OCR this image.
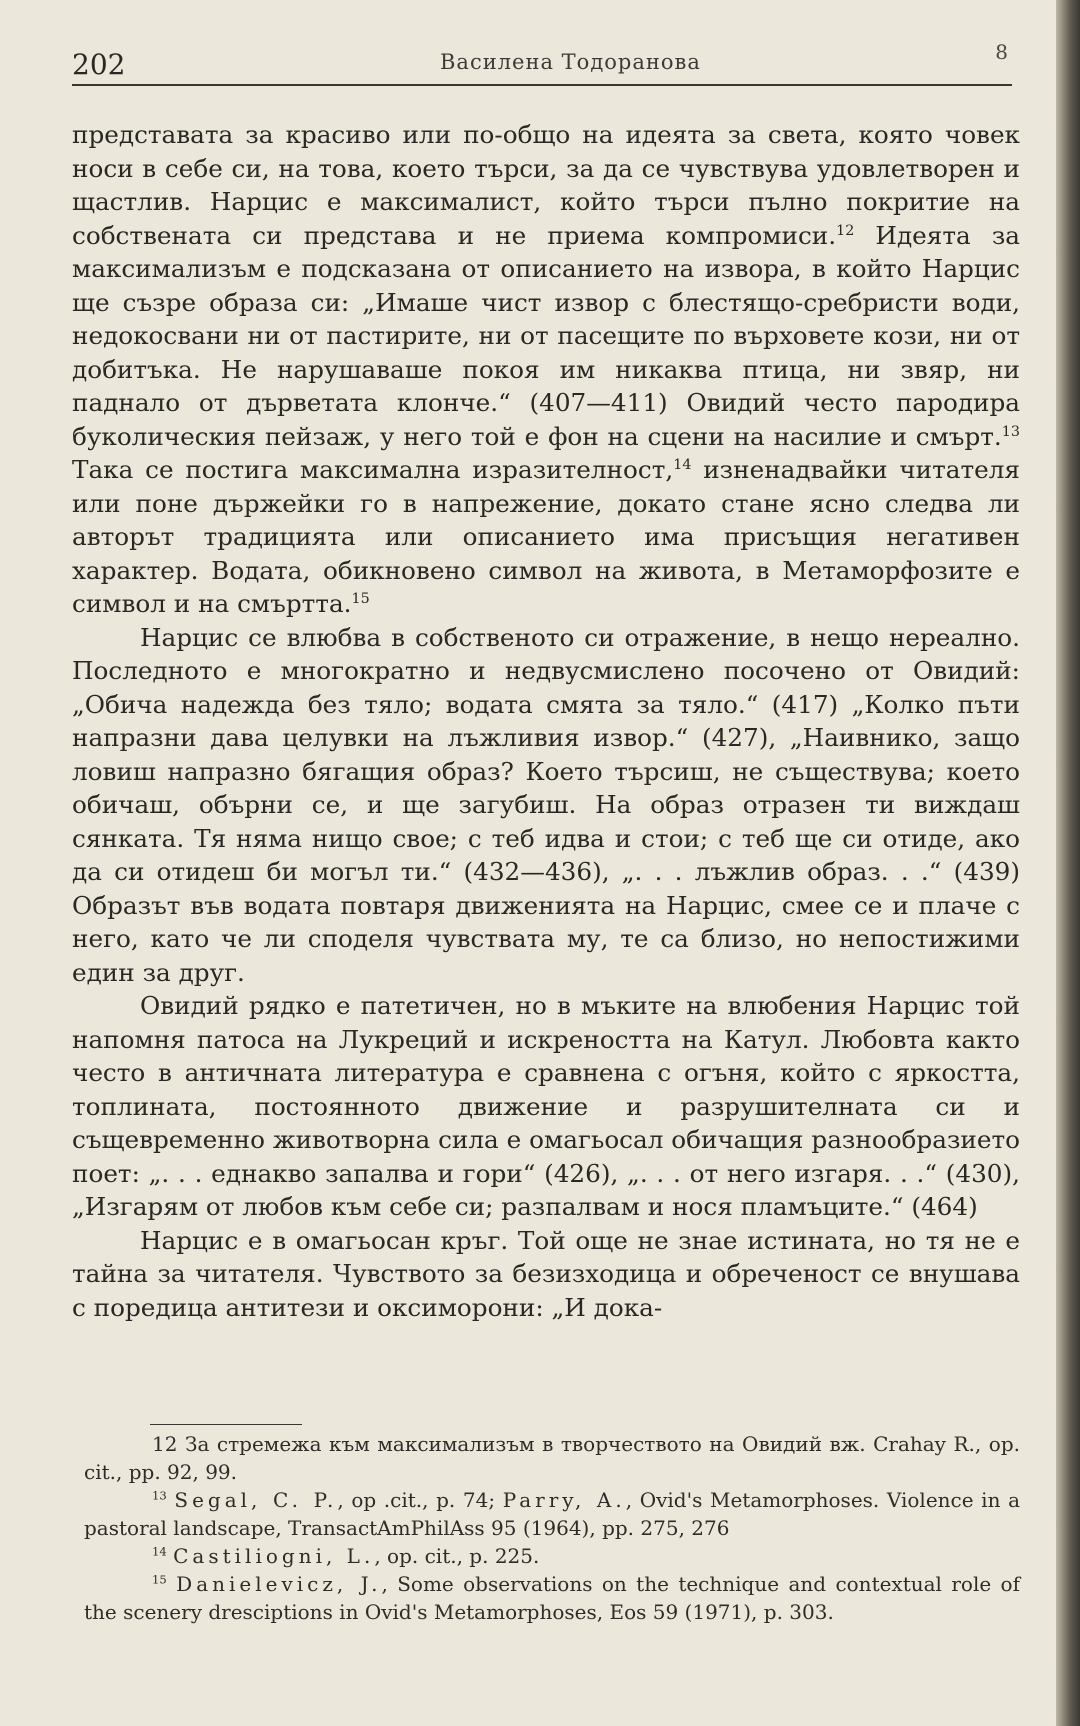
202	Василена Тодоранова	8

представата за красиво или по-общо на идеята за света, която човек носи в себе си, на това, което търси, за да се чувствува удовлетворен и щастлив. Нарцис е максималист, който търси пълно покритие на собствената си представа и не приема компромиси.$^{12}$ Идеята за максимализъм е подсказана от описанието на извора, в който Нарцис ще съзре образа си: „Имаше чист извор с блестящо-сребристи води, недокосвани ни от пастирите, ни от пасещите по върховете кози, ни от добитъка. Не нарушаваше покоя им никаква птица, ни звяр, ни паднало от дърветата клонче.“ (407—411) Овидий често пародира буколическия пейзаж, у него той е фон на сцени на насилие и смърт.$^{13}$ Така се постига максимална изразителност,$^{14}$ изненадвайки читателя или поне държейки го в напрежение, докато стане ясно следва ли авторът традицията или описанието има присъщия негативен характер. Водата, обикновено символ на живота, в Метаморфозите е символ и на смъртта.$^{15}$

Нарцис се влюбва в собственото си отражение, в нещо нереално. Последното е многократно и недвусмислено посочено от Овидий: „Обича надежда без тяло; водата смята за тяло.“ (417) „Колко пъти напразни дава целувки на лъжливия извор.“ (427), „Наивнико, защо ловиш напразно бягащия образ? Което търсиш, не съществува; което обичаш, обърни се, и ще загубиш. На образ отразен ти виждаш сянката. Тя няма нищо свое; с теб идва и стои; с теб ще си отиде, ако да си отидеш би могъл ти.“ (432—436), „. . . лъжлив образ. . .“ (439) Образът във водата повтаря движенията на Нарцис, смее се и плаче с него, като че ли споделя чувствата му, те са близо, но непостижими един за друг.

Овидий рядко е патетичен, но в мъките на влюбения Нарцис той напомня патоса на Лукреций и искреността на Катул. Любовта както често в античната литература е сравнена с огъня, който с яркостта, топлината, постоянното движение и разрушителната си и същевременно животворна сила е омагьосал обичащия разнообразието поет: „. . . еднакво запалва и гори“ (426), „. . . от него изгаря. . .“ (430), „Изгарям от любов към себе си; разпалвам и нося пламъците.“ (464)

Нарцис е в омагьосан кръг. Той още не знае истината, но тя не е тайна за читателя. Чувството за безизходица и обреченост се внушава с поредица антитези и оксиморони: „И дока-

12 За стремежа към максимализъм в творчеството на Овидий вж. Crahay R., op. cit., pp. 92, 99.

$^{13}$ Segal, C. P., op .cit., p. 74; Parry, A., Ovid's Metamorphoses. Violence in a pastoral landscape, TransactAmPhilAss 95 (1964), pp. 275, 276

$^{14}$ Castiliogni, L., op. cit., p. 225.

$^{15}$ Danielevicz, J., Some observations on the technique and contextual role of the scenery dresciptions in Ovid's Metamorphoses, Eos 59 (1971), p. 303.
